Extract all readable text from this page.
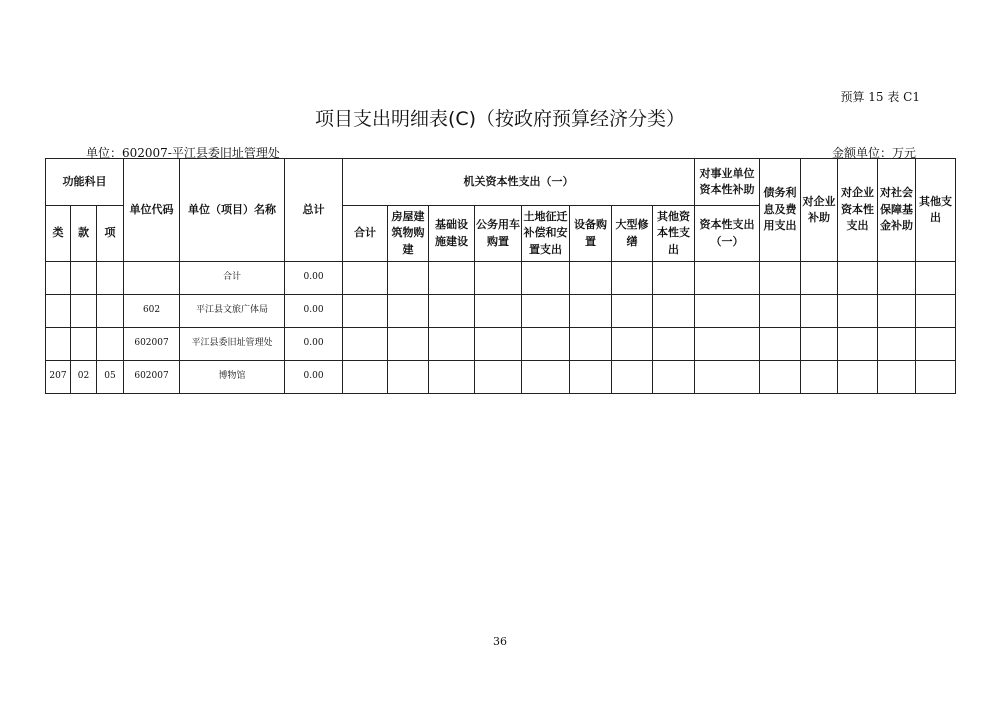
预算 15 表 C1
项目支出明细表(C)（按政府预算经济分类）
单位：602007-平江县委旧址管理处	金额单位：万元
功能科目			单位代码	单位（项目）名称	总计	机关资本性支出（一）								对事业单位资本性补助	债务利息及费用支出	对企业补助	对企业资本性支出	对社会保障基金补助	其他支出
类	款	项				合计	房屋建筑物购建	基础设施建设	公务用车购置	土地征迁补偿和安置支出	设备购置	大型修缮	其他资本性支出	资本性支出（一）					
				合计	0.00														
			602	平江县文旅广体局	0.00														
			602007	平江县委旧址管理处	0.00														
207	02	05	602007	博物馆	0.00														
36
